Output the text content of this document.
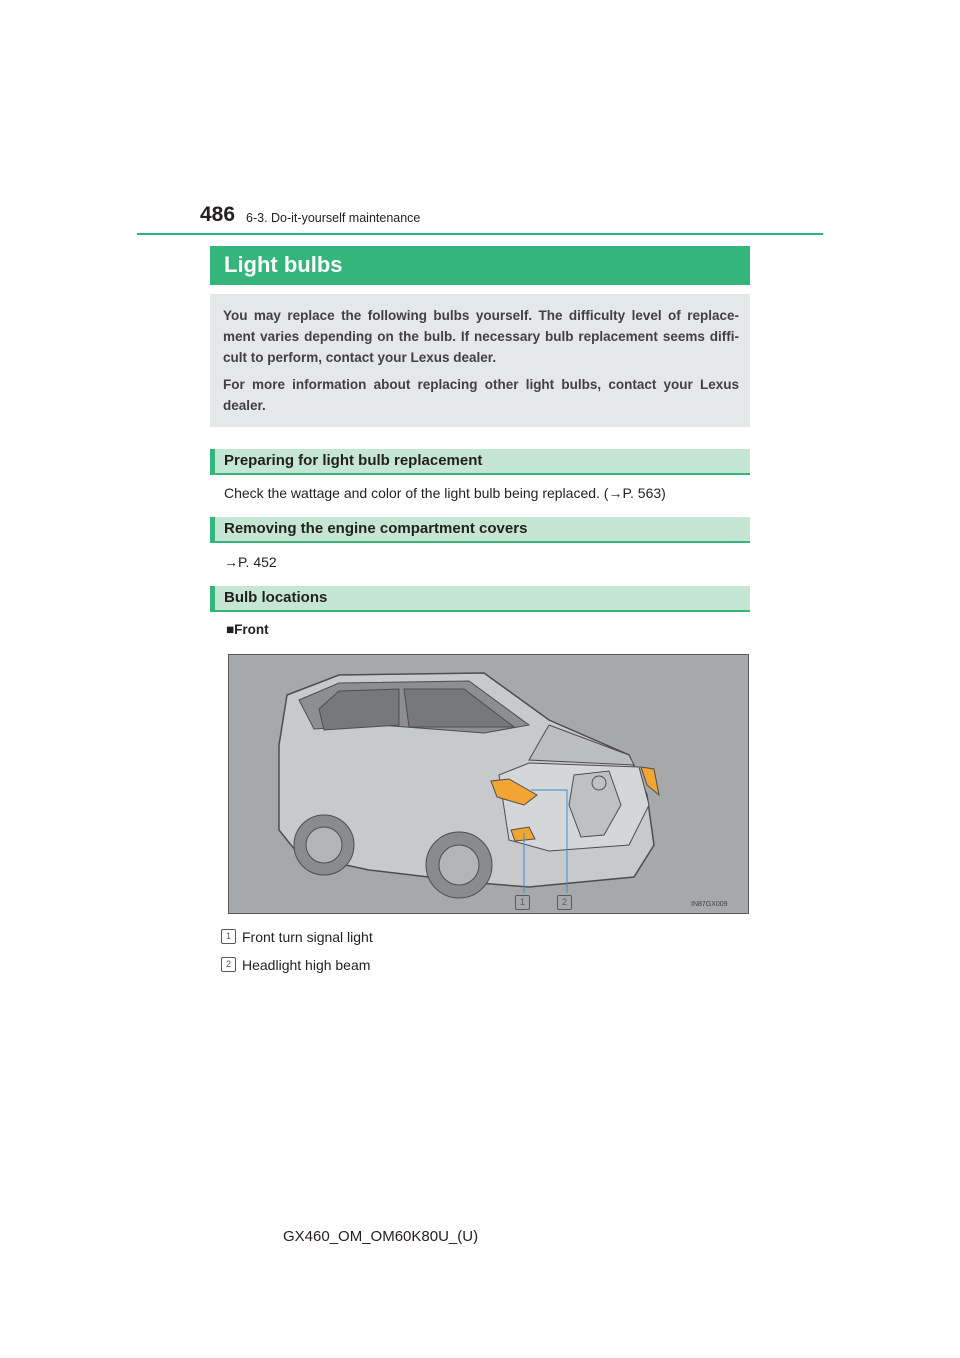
486 6-3. Do-it-yourself maintenance
Light bulbs

You may replace the following bulbs yourself. The difficulty level of replace-ment varies depending on the bulb. If necessary bulb replacement seems diffi-cult to perform, contact your Lexus dealer.

For more information about replacing other light bulbs, contact your Lexus dealer.

Preparing for light bulb replacement
Check the wattage and color of the light bulb being replaced. (→P. 563)
Removing the engine compartment covers
→P. 452
Bulb locations
■Front
1	2	IN87GX009
1 Front turn signal light
2 Headlight high beam
GX460_OM_OM60K80U_(U)
